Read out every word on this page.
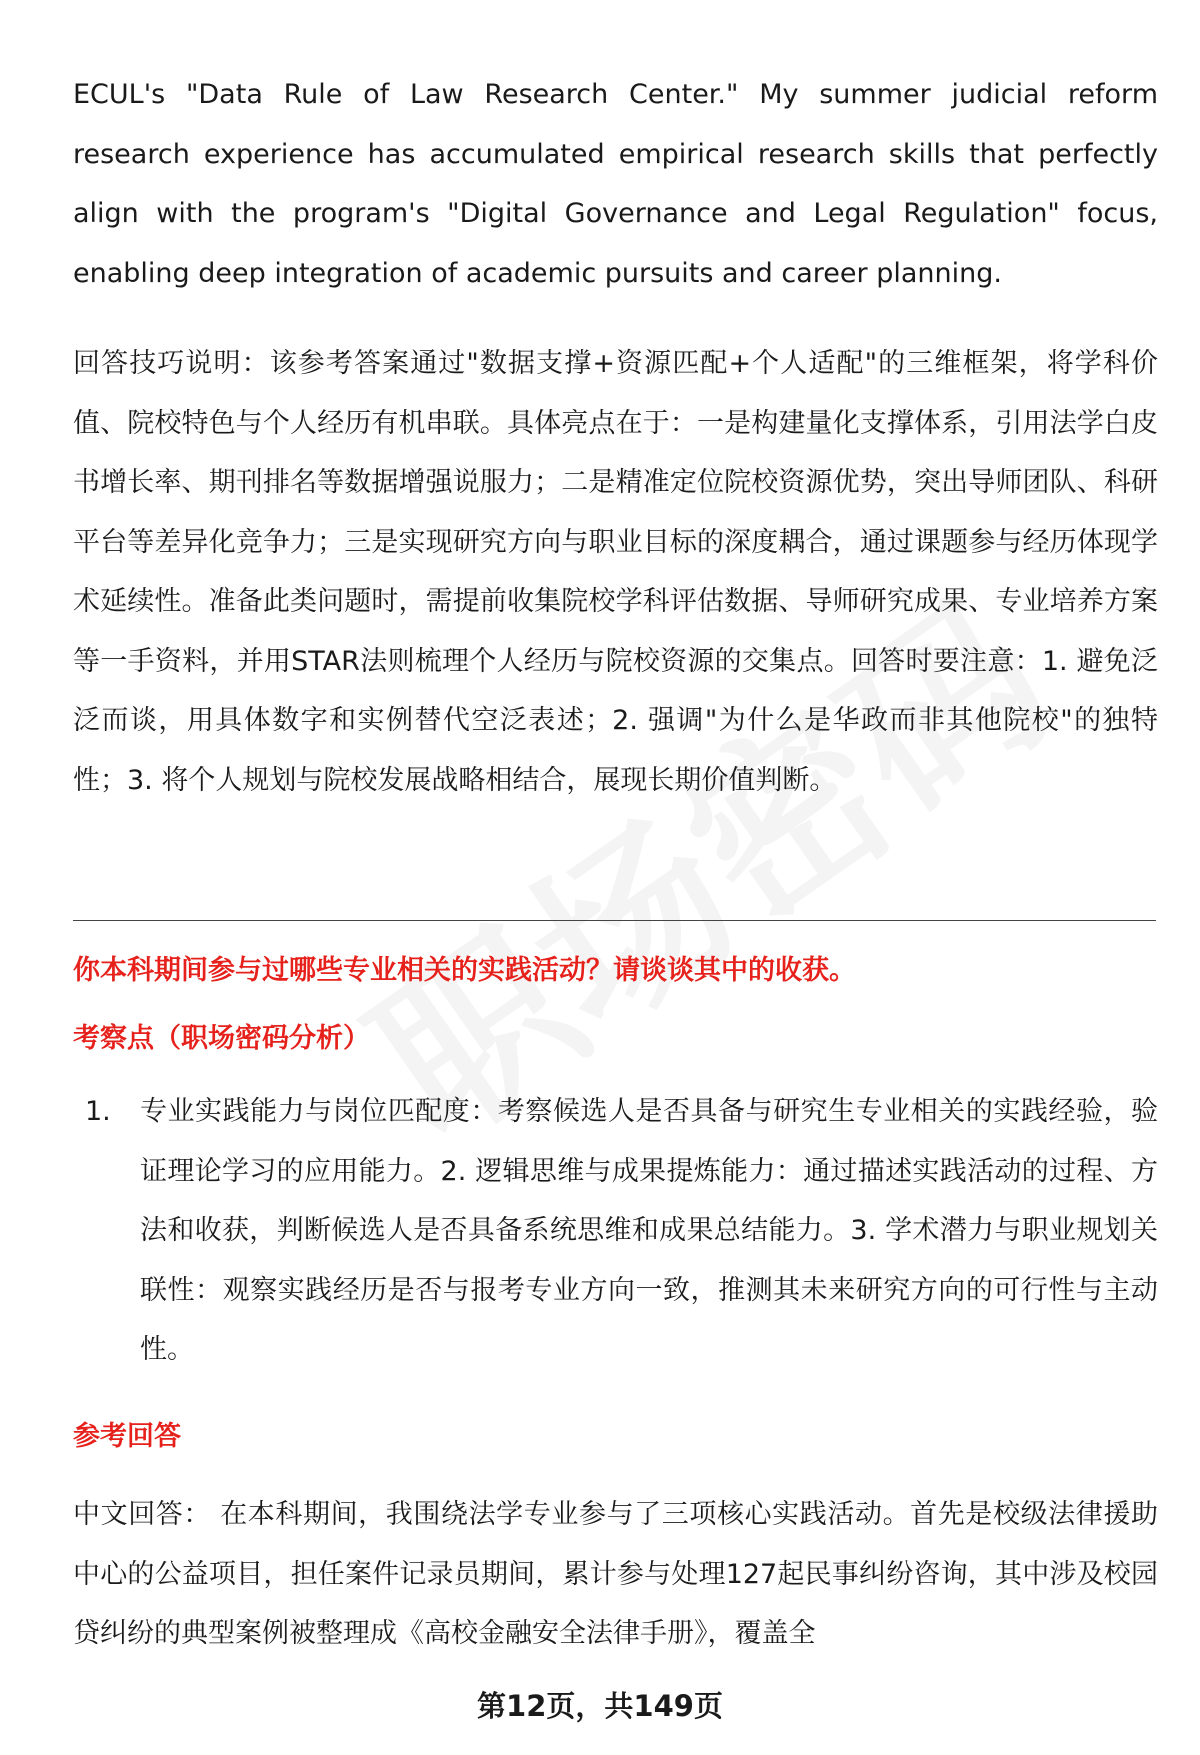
ECUL's "Data Rule of Law Research Center." My summer judicial reform research experience has accumulated empirical research skills that perfectly align with the program's "Digital Governance and Legal Regulation" focus, enabling deep integration of academic pursuits and career planning.

回答技巧说明：该参考答案通过"数据支撑+资源匹配+个人适配"的三维框架，将学科价值、院校特色与个人经历有机串联。具体亮点在于：一是构建量化支撑体系，引用法学白皮书增长率、期刊排名等数据增强说服力；二是精准定位院校资源优势，突出导师团队、科研平台等差异化竞争力；三是实现研究方向与职业目标的深度耦合，通过课题参与经历体现学术延续性。准备此类问题时，需提前收集院校学科评估数据、导师研究成果、专业培养方案等一手资料，并用STAR法则梳理个人经历与院校资源的交集点。回答时要注意：1. 避免泛泛而谈，用具体数字和实例替代空泛表述；2. 强调"为什么是华政而非其他院校"的独特性；3. 将个人规划与院校发展战略相结合，展现长期价值判断。

你本科期间参与过哪些专业相关的实践活动？请谈谈其中的收获。

考察点（职场密码分析）

1.	专业实践能力与岗位匹配度：考察候选人是否具备与研究生专业相关的实践经验，验证理论学习的应用能力。2. 逻辑思维与成果提炼能力：通过描述实践活动的过程、方法和收获，判断候选人是否具备系统思维和成果总结能力。3. 学术潜力与职业规划关联性：观察实践经历是否与报考专业方向一致，推测其未来研究方向的可行性与主动性。

参考回答

中文回答： 在本科期间，我围绕法学专业参与了三项核心实践活动。首先是校级法律援助中心的公益项目，担任案件记录员期间，累计参与处理127起民事纠纷咨询，其中涉及校园贷纠纷的典型案例被整理成《高校金融安全法律手册》，覆盖全

第12页，共149页
